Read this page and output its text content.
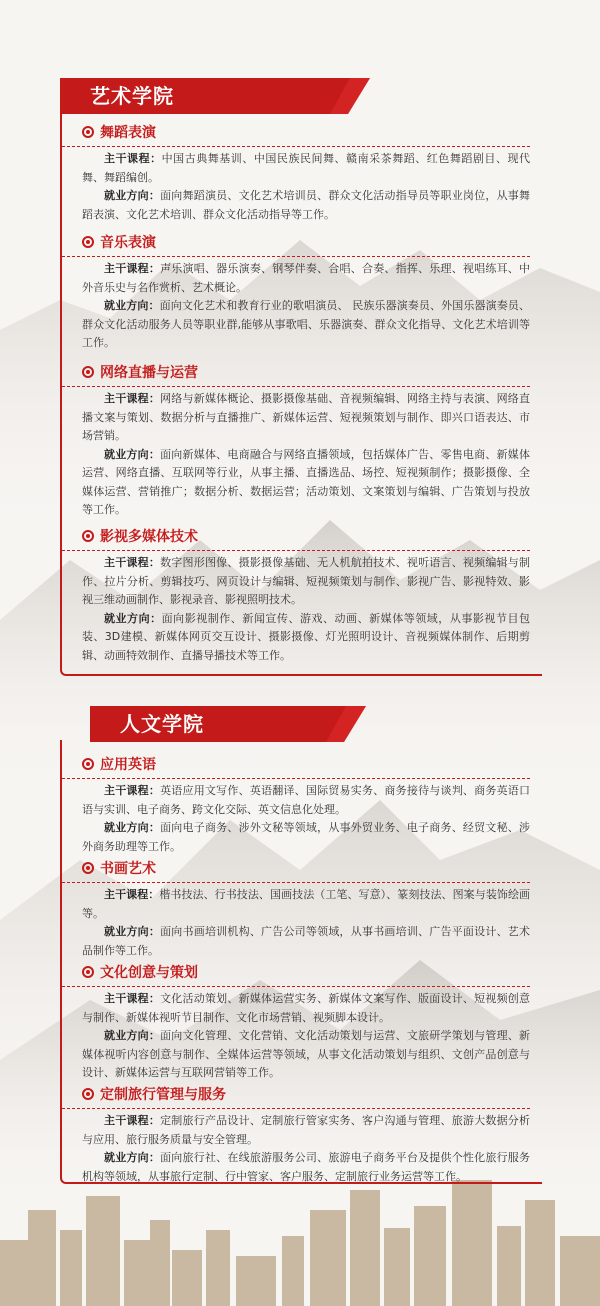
艺术学院
舞蹈表演

主干课程：中国古典舞基训、中国民族民间舞、赣南采茶舞蹈、红色舞蹈剧目、现代舞、舞蹈编创。

就业方向：面向舞蹈演员、文化艺术培训员、群众文化活动指导员等职业岗位，从事舞蹈表演、文化艺术培训、群众文化活动指导等工作。

音乐表演

主干课程：声乐演唱、器乐演奏、钢琴伴奏、合唱、合奏、指挥、乐理、视唱练耳、中外音乐史与名作赏析、艺术概论。

就业方向：面向文化艺术和教育行业的歌唱演员、 民族乐器演奏员、外国乐器演奏员、群众文化活动服务人员等职业群,能够从事歌唱、乐器演奏、群众文化指导、文化艺术培训等工作。

网络直播与运营

主干课程：网络与新媒体概论、摄影摄像基础、音视频编辑、网络主持与表演、网络直播文案与策划、数据分析与直播推广、新媒体运营、短视频策划与制作、即兴口语表达、市场营销。

就业方向：面向新媒体、电商融合与网络直播领域，包括媒体广告、零售电商、新媒体运营、网络直播、互联网等行业，从事主播、直播选品、场控、短视频制作；摄影摄像、全媒体运营、营销推广；数据分析、数据运营；活动策划、文案策划与编辑、广告策划与投放等工作。

影视多媒体技术

主干课程：数字图形图像、摄影摄像基础、无人机航拍技术、视听语言、视频编辑与制作、拉片分析、剪辑技巧、网页设计与编辑、短视频策划与制作、影视广告、影视特效、影视三维动画制作、影视录音、影视照明技术。

就业方向：面向影视制作、新闻宣传、游戏、动画、新媒体等领域，从事影视节目包装、3D建模、新媒体网页交互设计、摄影摄像、灯光照明设计、音视频媒体制作、后期剪辑、动画特效制作、直播导播技术等工作。

人文学院
应用英语

主干课程：英语应用文写作、英语翻译、国际贸易实务、商务接待与谈判、商务英语口语与实训、电子商务、跨文化交际、英文信息化处理。

就业方向：面向电子商务、涉外文秘等领域，从事外贸业务、电子商务、经贸文秘、涉外商务助理等工作。

书画艺术

主干课程：楷书技法、行书技法、国画技法（工笔、写意）、篆刻技法、图案与装饰绘画等。

就业方向：面向书画培训机构、广告公司等领域，从事书画培训、广告平面设计、艺术品制作等工作。

文化创意与策划

主干课程：文化活动策划、新媒体运营实务、新媒体文案写作、版面设计、短视频创意与制作、新媒体视听节目制作、文化市场营销、视频脚本设计。

就业方向：面向文化管理、文化营销、文化活动策划与运营、文旅研学策划与管理、新媒体视听内容创意与制作、全媒体运营等领域，从事文化活动策划与组织、文创产品创意与设计、新媒体运营与互联网营销等工作。

定制旅行管理与服务

主干课程：定制旅行产品设计、定制旅行管家实务、客户沟通与管理、旅游大数据分析与应用、旅行服务质量与安全管理。

就业方向：面向旅行社、在线旅游服务公司、旅游电子商务平台及提供个性化旅行服务机构等领域，从事旅行定制、行中管家、客户服务、定制旅行业务运营等工作。
